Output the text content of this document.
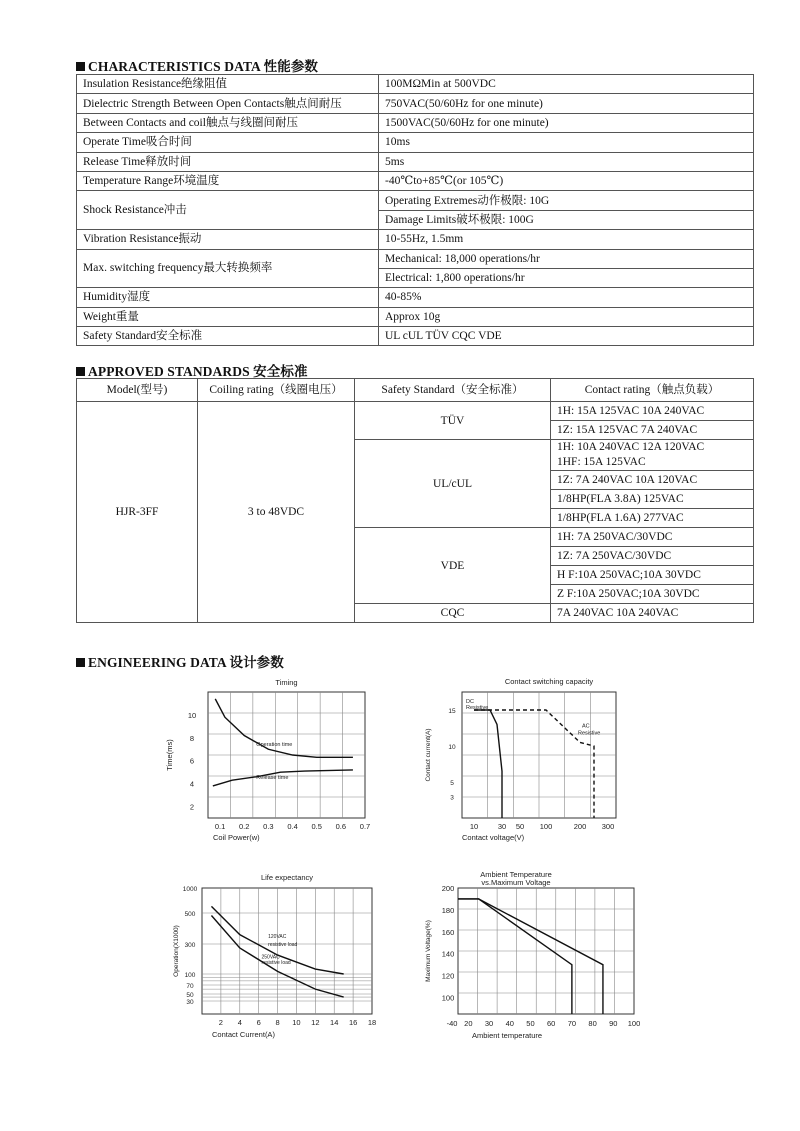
CHARACTERISTICS DATA 性能参数
Insulation Resistance绝缘阻值	100MΩMin at 500VDC
Dielectric Strength Between Open Contacts触点间耐压	750VAC(50/60Hz for one minute)
Between Contacts and coil触点与线圈间耐压	1500VAC(50/60Hz for one minute)
Operate Time吸合时间	10ms
Release Time释放时间	5ms
Temperature Range环境温度	-40℃to+85℃(or 105℃)
Shock Resistance冲击	Operating Extremes动作极限: 10G
	Damage Limits破坏极限: 100G
Vibration Resistance振动	10-55Hz, 1.5mm
Max. switching frequency最大转换频率	Mechanical: 18,000 operations/hr
	Electrical: 1,800 operations/hr
Humidity湿度	40-85%
Weight重量	Approx 10g
Safety Standard安全标准	UL cUL TÜV CQC VDE
APPROVED STANDARDS 安全标准
Model(型号)	Coiling rating（线圈电压）	Safety Standard（安全标准）	Contact rating（触点负载）
HJR-3FF	3 to 48VDC	TÜV	1H: 15A 125VAC 10A 240VAC
			1Z: 15A 125VAC 7A 240VAC
		UL/cUL	1H: 10A 240VAC 12A 120VAC
1HF: 15A 125VAC
			1Z: 7A 240VAC 10A 120VAC
			1/8HP(FLA 3.8A) 125VAC
			1/8HP(FLA 1.6A) 277VAC
		VDE	1H: 7A 250VAC/30VDC
			1Z: 7A 250VAC/30VDC
			H F:10A 250VAC;10A 30VDC
			Z F:10A 250VAC;10A 30VDC
		CQC	7A 240VAC 10A 240VAC
ENGINEERING DATA 设计参数
Timing
0.1 0.2 0.3 0.4 0.5 0.6 0.7
2
4
6
8
10
Coil Power(w)
Time(ms)	Operation time
Release time
Contact switching capacity
10	30 50 100	200 300
3
5
10
15
Contact voltage(V)
Contact current(A)
DC
Resistive
AC
Resistive
Life expectancy
2 4 6 8 10 12 14 16 18
30
50
70
100
300
500
1000
Contact Current(A)
Operation(X1000)	120VAC
resistive load
250VAC
resistive load
Ambient Temperature
vs.Maximum Voltage
-40 20 30 40 50 60 70 80 90 100
100
120
140
160
180
200
Ambient temperature
Maximum Voltage(%)
